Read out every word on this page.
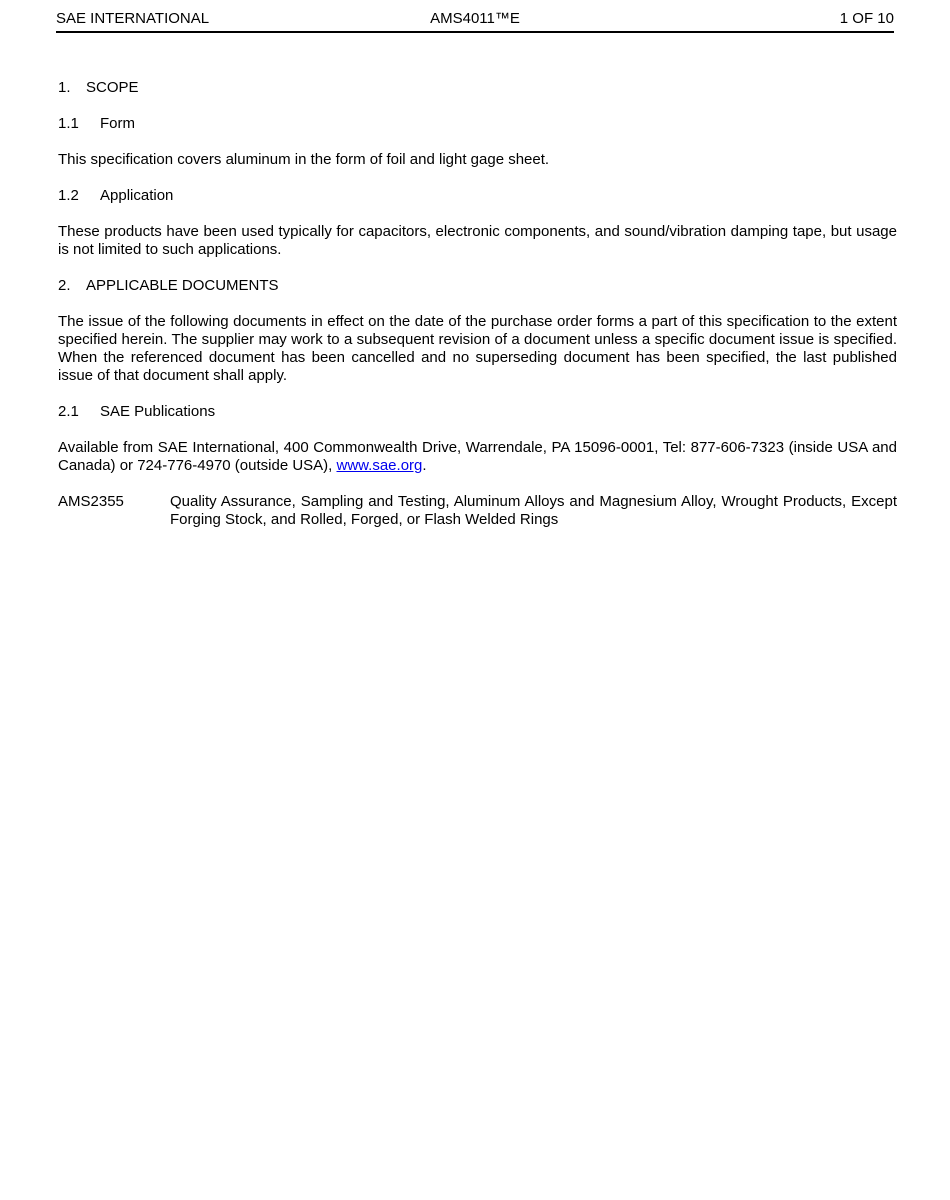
SAE INTERNATIONAL	AMS4011™E	1 OF 10
1.	SCOPE
1.1	Form

This specification covers aluminum in the form of foil and light gage sheet.

1.2	Application

These products have been used typically for capacitors, electronic components, and sound/vibration damping tape, but usage is not limited to such applications.

2.	APPLICABLE DOCUMENTS

The issue of the following documents in effect on the date of the purchase order forms a part of this specification to the extent specified herein. The supplier may work to a subsequent revision of a document unless a specific document issue is specified. When the referenced document has been cancelled and no superseding document has been specified, the last published issue of that document shall apply.

2.1	SAE Publications

Available from SAE International, 400 Commonwealth Drive, Warrendale, PA 15096-0001, Tel: 877-606-7323 (inside USA and Canada) or 724-776-4970 (outside USA), www.sae.org.

AMS2355	Quality Assurance, Sampling and Testing, Aluminum Alloys and Magnesium Alloy, Wrought Products, Except Forging Stock, and Rolled, Forged, or Flash Welded Rings
